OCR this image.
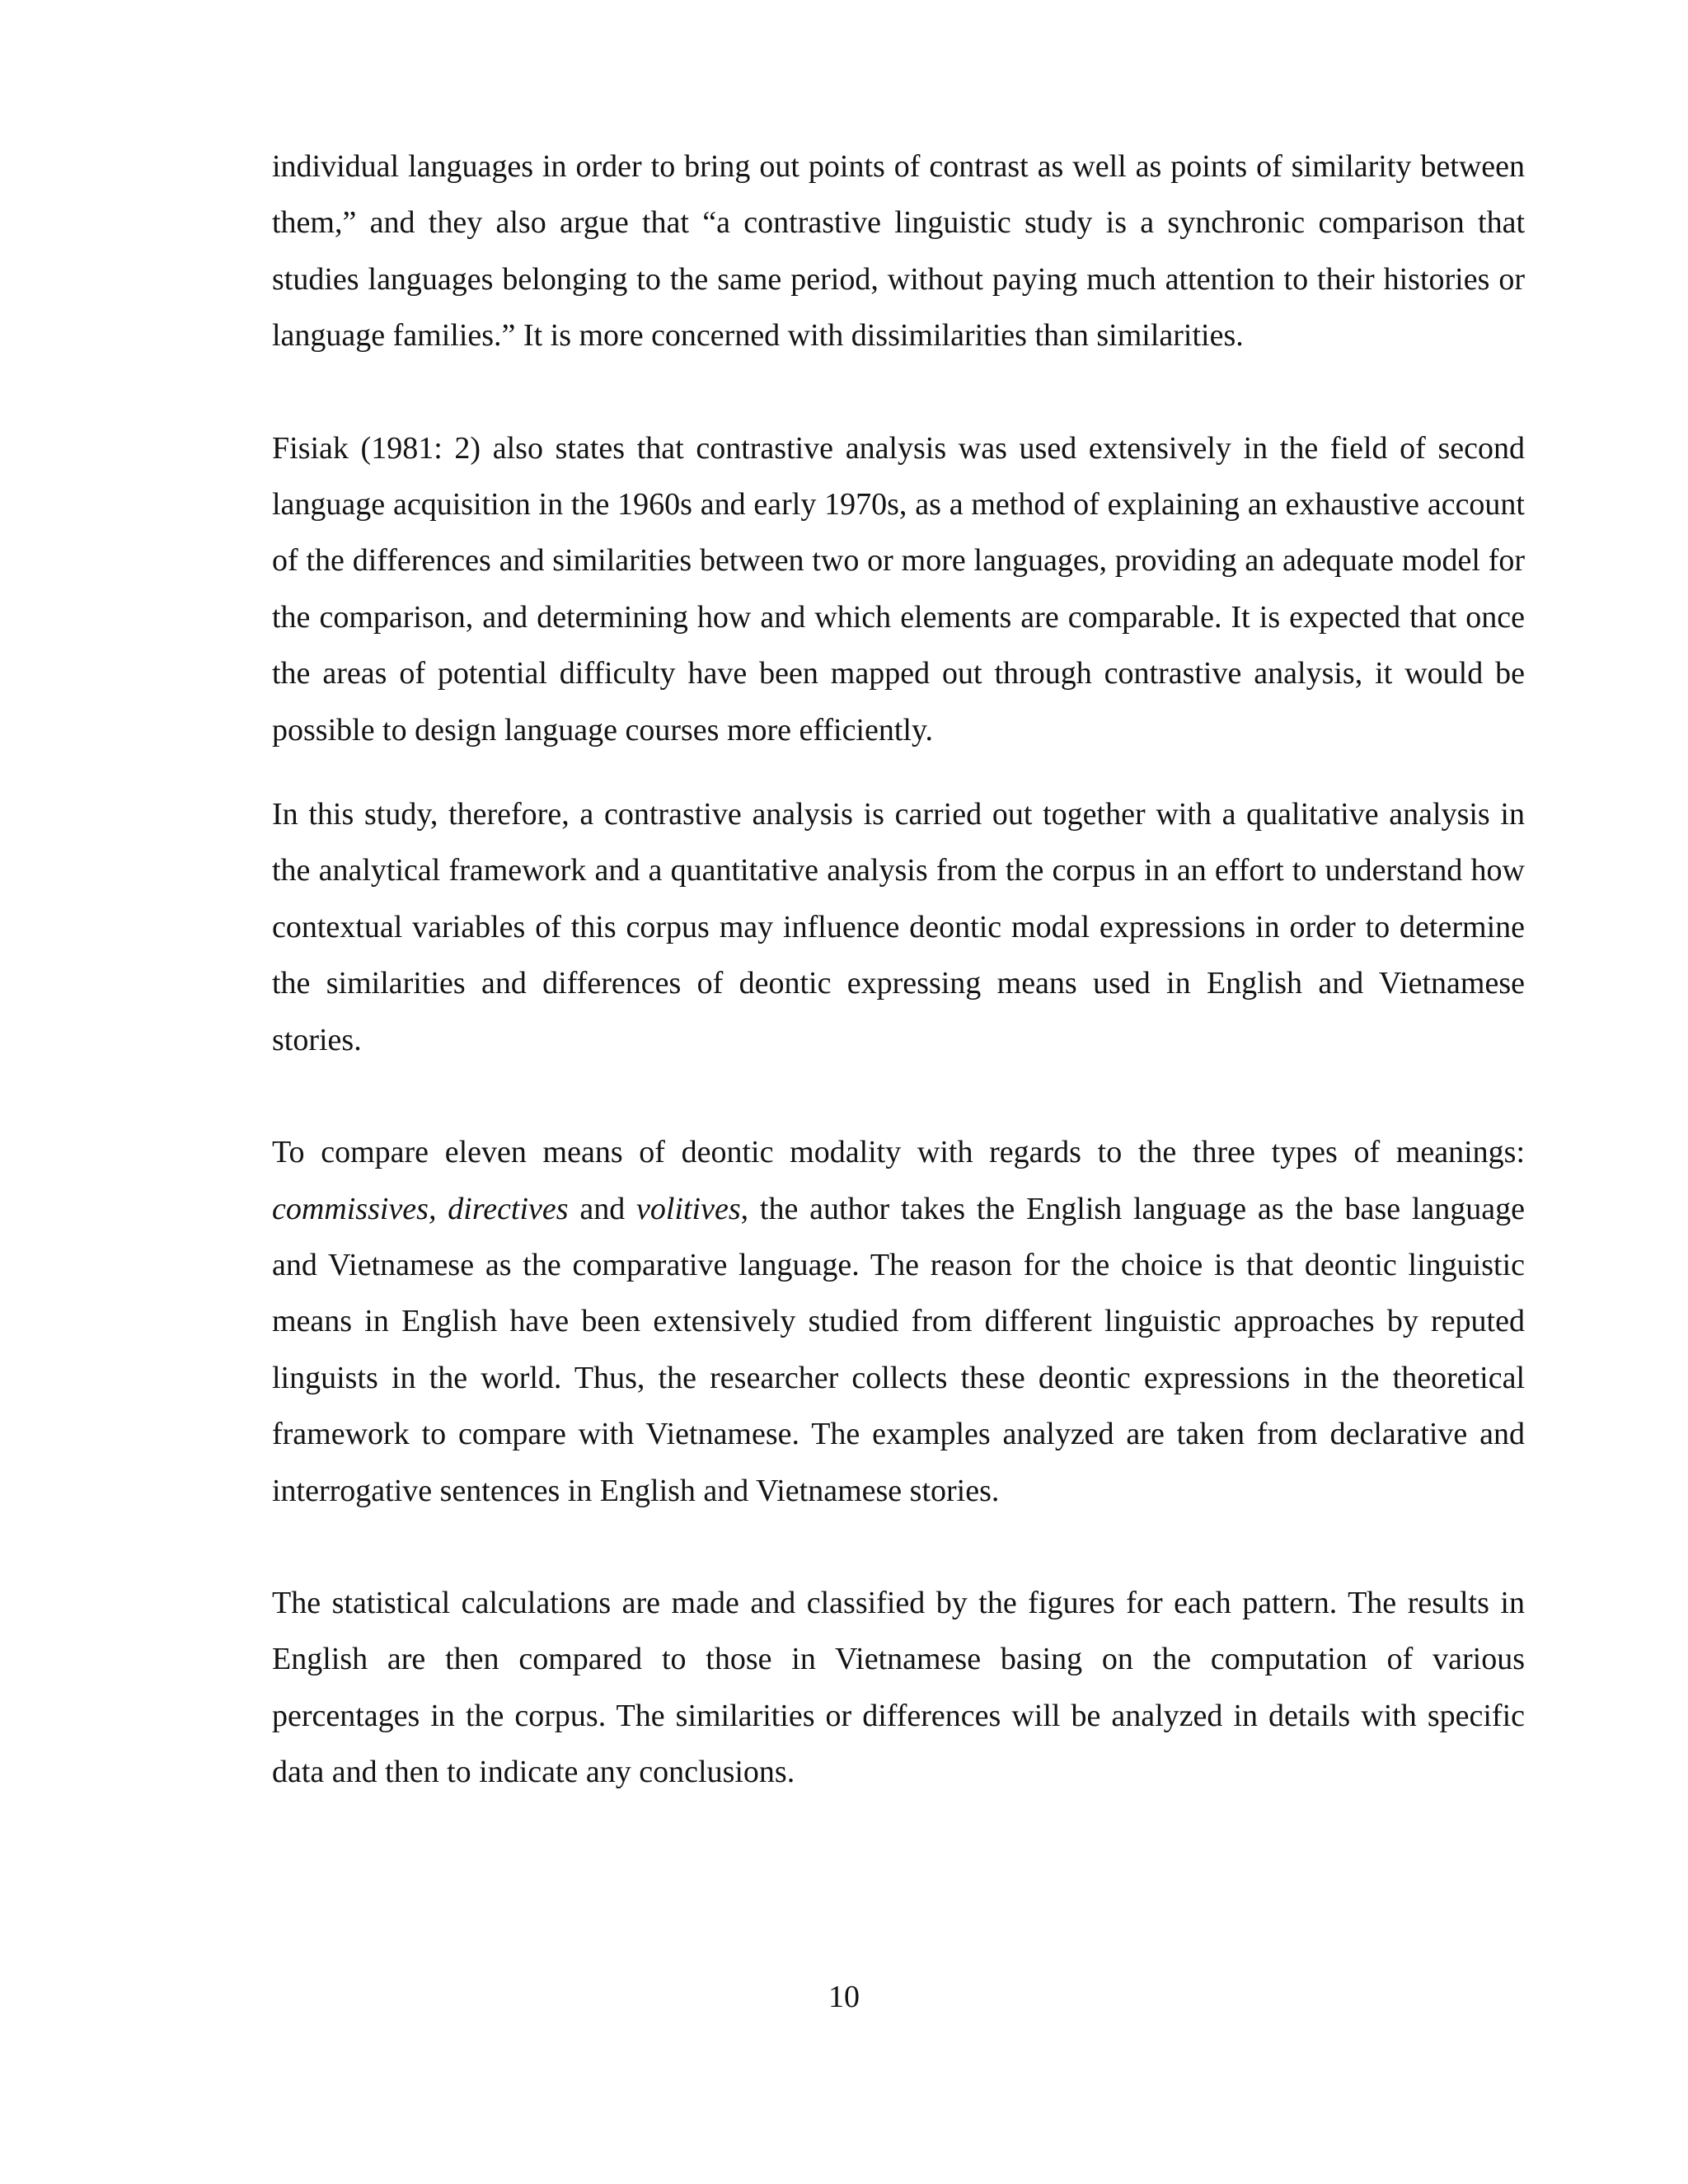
individual languages in order to bring out points of contrast as well as points of similarity between them,” and they also argue that “a contrastive linguistic study is a synchronic comparison that studies languages belonging to the same period, without paying much attention to their histories or language families.” It is more concerned with dissimilarities than similarities.

Fisiak (1981: 2) also states that contrastive analysis was used extensively in the field of second language acquisition in the 1960s and early 1970s, as a method of explaining an exhaustive account of the differences and similarities between two or more languages, providing an adequate model for the comparison, and determining how and which elements are comparable. It is expected that once the areas of potential difficulty have been mapped out through contrastive analysis, it would be possible to design language courses more efficiently.

In this study, therefore, a contrastive analysis is carried out together with a qualitative analysis in the analytical framework and a quantitative analysis from the corpus in an effort to understand how contextual variables of this corpus may influence deontic modal expressions in order to determine the similarities and differences of deontic expressing means used in English and Vietnamese stories.

To compare eleven means of deontic modality with regards to the three types of meanings: commissives, directives and volitives, the author takes the English language as the base language and Vietnamese as the comparative language. The reason for the choice is that deontic linguistic means in English have been extensively studied from different linguistic approaches by reputed linguists in the world. Thus, the researcher collects these deontic expressions in the theoretical framework to compare with Vietnamese. The examples analyzed are taken from declarative and interrogative sentences in English and Vietnamese stories.

The statistical calculations are made and classified by the figures for each pattern. The results in English are then compared to those in Vietnamese basing on the computation of various percentages in the corpus. The similarities or differences will be analyzed in details with specific data and then to indicate any conclusions.

10
